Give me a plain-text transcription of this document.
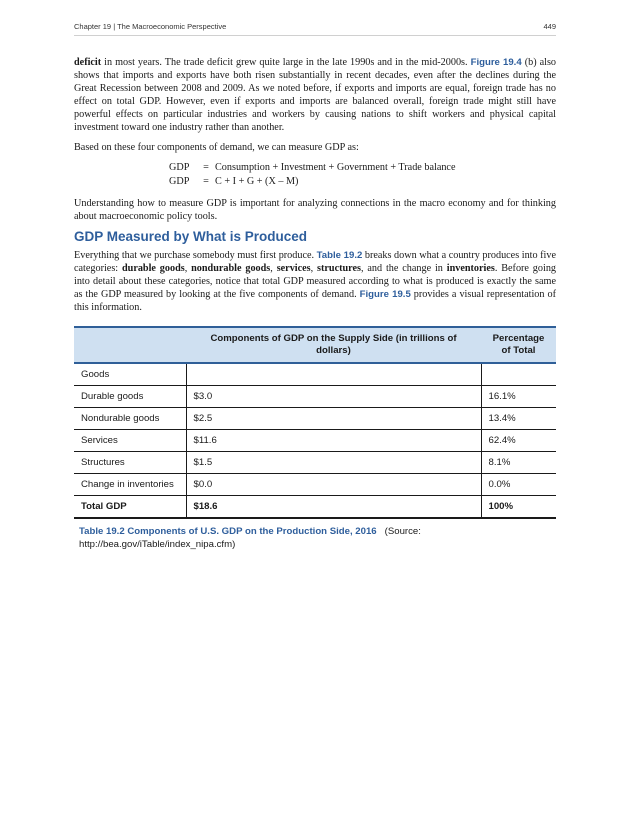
Chapter 19 | The Macroeconomic Perspective	449

deficit in most years. The trade deficit grew quite large in the late 1990s and in the mid-2000s. Figure 19.4 (b) also shows that imports and exports have both risen substantially in recent decades, even after the declines during the Great Recession between 2008 and 2009. As we noted before, if exports and imports are equal, foreign trade has no effect on total GDP. However, even if exports and imports are balanced overall, foreign trade might still have powerful effects on particular industries and workers by causing nations to shift workers and physical capital investment toward one industry rather than another.

Based on these four components of demand, we can measure GDP as:

GDP	= Consumption + Investment + Government + Trade balance
GDP	= C + I + G + (X – M)

Understanding how to measure GDP is important for analyzing connections in the macro economy and for thinking about macroeconomic policy tools.

GDP Measured by What is Produced

Everything that we purchase somebody must first produce. Table 19.2 breaks down what a country produces into five categories: durable goods, nondurable goods, services, structures, and the change in inventories. Before going into detail about these categories, notice that total GDP measured according to what is produced is exactly the same as the GDP measured by looking at the five components of demand. Figure 19.5 provides a visual representation of this information.

	Components of GDP on the Supply Side (in trillions of dollars)	Percentage of Total
Goods		
Durable goods	$3.0	16.1%
Nondurable goods	$2.5	13.4%
Services	$11.6	62.4%
Structures	$1.5	8.1%
Change in inventories	$0.0	0.0%
Total GDP	$18.6	100%
Table 19.2 Components of U.S. GDP on the Production Side, 2016 (Source: http://bea.gov/iTable/index_nipa.cfm)
